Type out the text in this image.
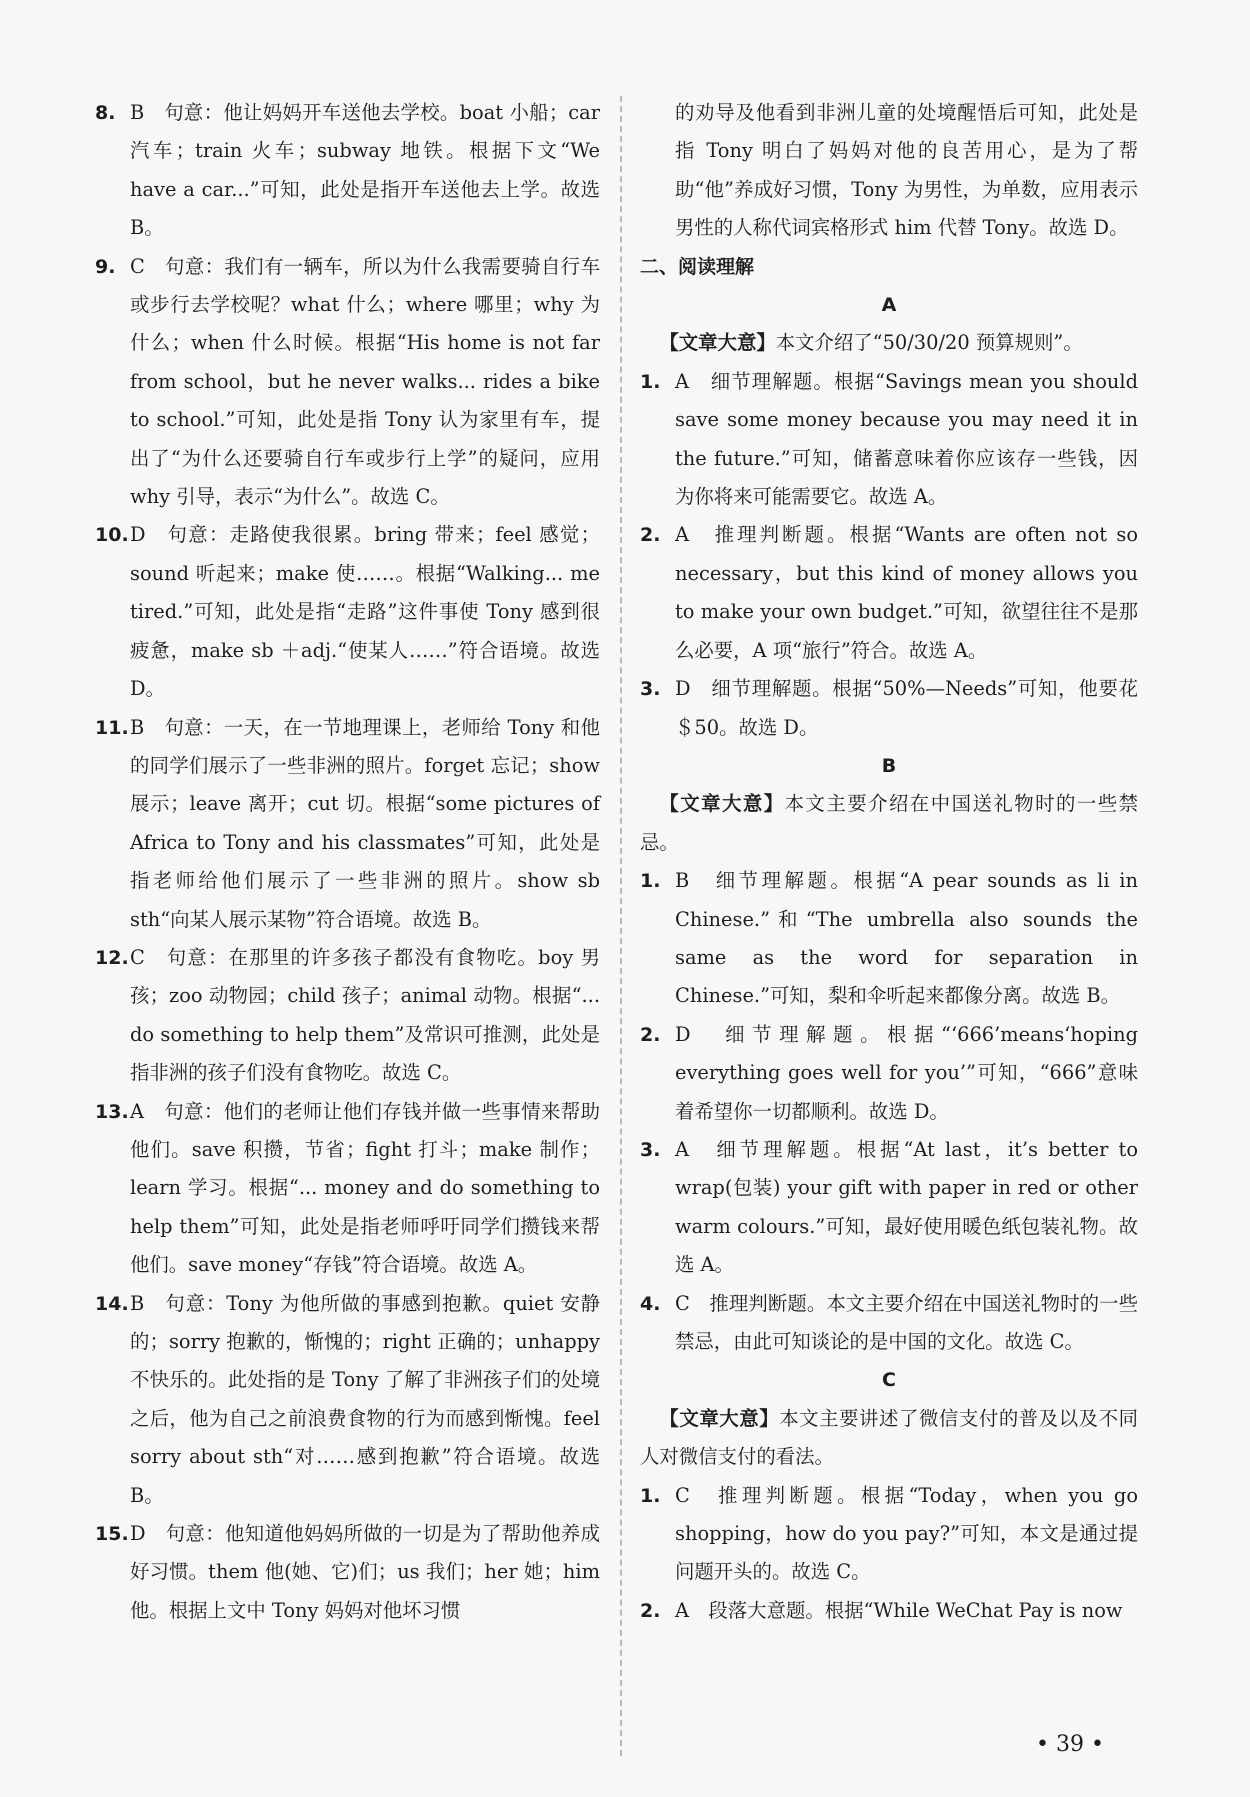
8. B　句意：他让妈妈开车送他去学校。boat 小船；car 汽车；train 火车；subway 地铁。根据下文“We have a car...”可知，此处是指开车送他去上学。故选 B。

9. C　句意：我们有一辆车，所以为什么我需要骑自行车或步行去学校呢？what 什么；where 哪里；why 为什么；when 什么时候。根据“His home is not far from school，but he never walks... rides a bike to school.”可知，此处是指 Tony 认为家里有车，提出了“为什么还要骑自行车或步行上学”的疑问，应用 why 引导，表示“为什么”。故选 C。

10. D　句意：走路使我很累。bring 带来；feel 感觉；sound 听起来；make 使……。根据“Walking... me tired.”可知，此处是指“走路”这件事使 Tony 感到很疲惫，make sb ＋adj.“使某人……”符合语境。故选 D。

11. B　句意：一天，在一节地理课上，老师给 Tony 和他的同学们展示了一些非洲的照片。forget 忘记；show 展示；leave 离开；cut 切。根据“some pictures of Africa to Tony and his classmates”可知，此处是指老师给他们展示了一些非洲的照片。show sb sth“向某人展示某物”符合语境。故选 B。

12. C　句意：在那里的许多孩子都没有食物吃。boy 男孩；zoo 动物园；child 孩子；animal 动物。根据“... do something to help them”及常识可推测，此处是指非洲的孩子们没有食物吃。故选 C。

13. A　句意：他们的老师让他们存钱并做一些事情来帮助他们。save 积攒，节省；fight 打斗；make 制作；learn 学习。根据“... money and do something to help them”可知，此处是指老师呼吁同学们攒钱来帮他们。save money“存钱”符合语境。故选 A。

14. B　句意：Tony 为他所做的事感到抱歉。quiet 安静的；sorry 抱歉的，惭愧的；right 正确的；unhappy 不快乐的。此处指的是 Tony 了解了非洲孩子们的处境之后，他为自己之前浪费食物的行为而感到惭愧。feel sorry about sth“对……感到抱歉”符合语境。故选 B。

15. D　句意：他知道他妈妈所做的一切是为了帮助他养成好习惯。them 他(她、它)们；us 我们；her 她；him 他。根据上文中 Tony 妈妈对他坏习惯

的劝导及他看到非洲儿童的处境醒悟后可知，此处是指 Tony 明白了妈妈对他的良苦用心，是为了帮助“他”养成好习惯，Tony 为男性，为单数，应用表示男性的人称代词宾格形式 him 代替 Tony。故选 D。

二、阅读理解

A

【文章大意】本文介绍了“50/30/20 预算规则”。

1. A　细节理解题。根据“Savings mean you should save some money because you may need it in the future.”可知，储蓄意味着你应该存一些钱，因为你将来可能需要它。故选 A。

2. A　推理判断题。根据“Wants are often not so necessary，but this kind of money allows you to make your own budget.”可知，欲望往往不是那么必要，A 项“旅行”符合。故选 A。

3. D　细节理解题。根据“50%—Needs”可知，他要花＄50。故选 D。

B

【文章大意】本文主要介绍在中国送礼物时的一些禁忌。

1. B　细节理解题。根据“A pear sounds as li in Chinese.”和“The umbrella also sounds the same as the word for separation in Chinese.”可知，梨和伞听起来都像分离。故选 B。

2. D　细节理解题。根据“‘666’means‘hoping everything goes well for you’”可知，“666”意味着希望你一切都顺利。故选 D。

3. A　细节理解题。根据“At last，it’s better to wrap(包装) your gift with paper in red or other warm colours.”可知，最好使用暖色纸包装礼物。故选 A。

4. C　推理判断题。本文主要介绍在中国送礼物时的一些禁忌，由此可知谈论的是中国的文化。故选 C。

C

【文章大意】本文主要讲述了微信支付的普及以及不同人对微信支付的看法。

1. C　推理判断题。根据“Today，when you go shopping，how do you pay?”可知，本文是通过提问题开头的。故选 C。

2. A　段落大意题。根据“While WeChat Pay is now

• 39 •
